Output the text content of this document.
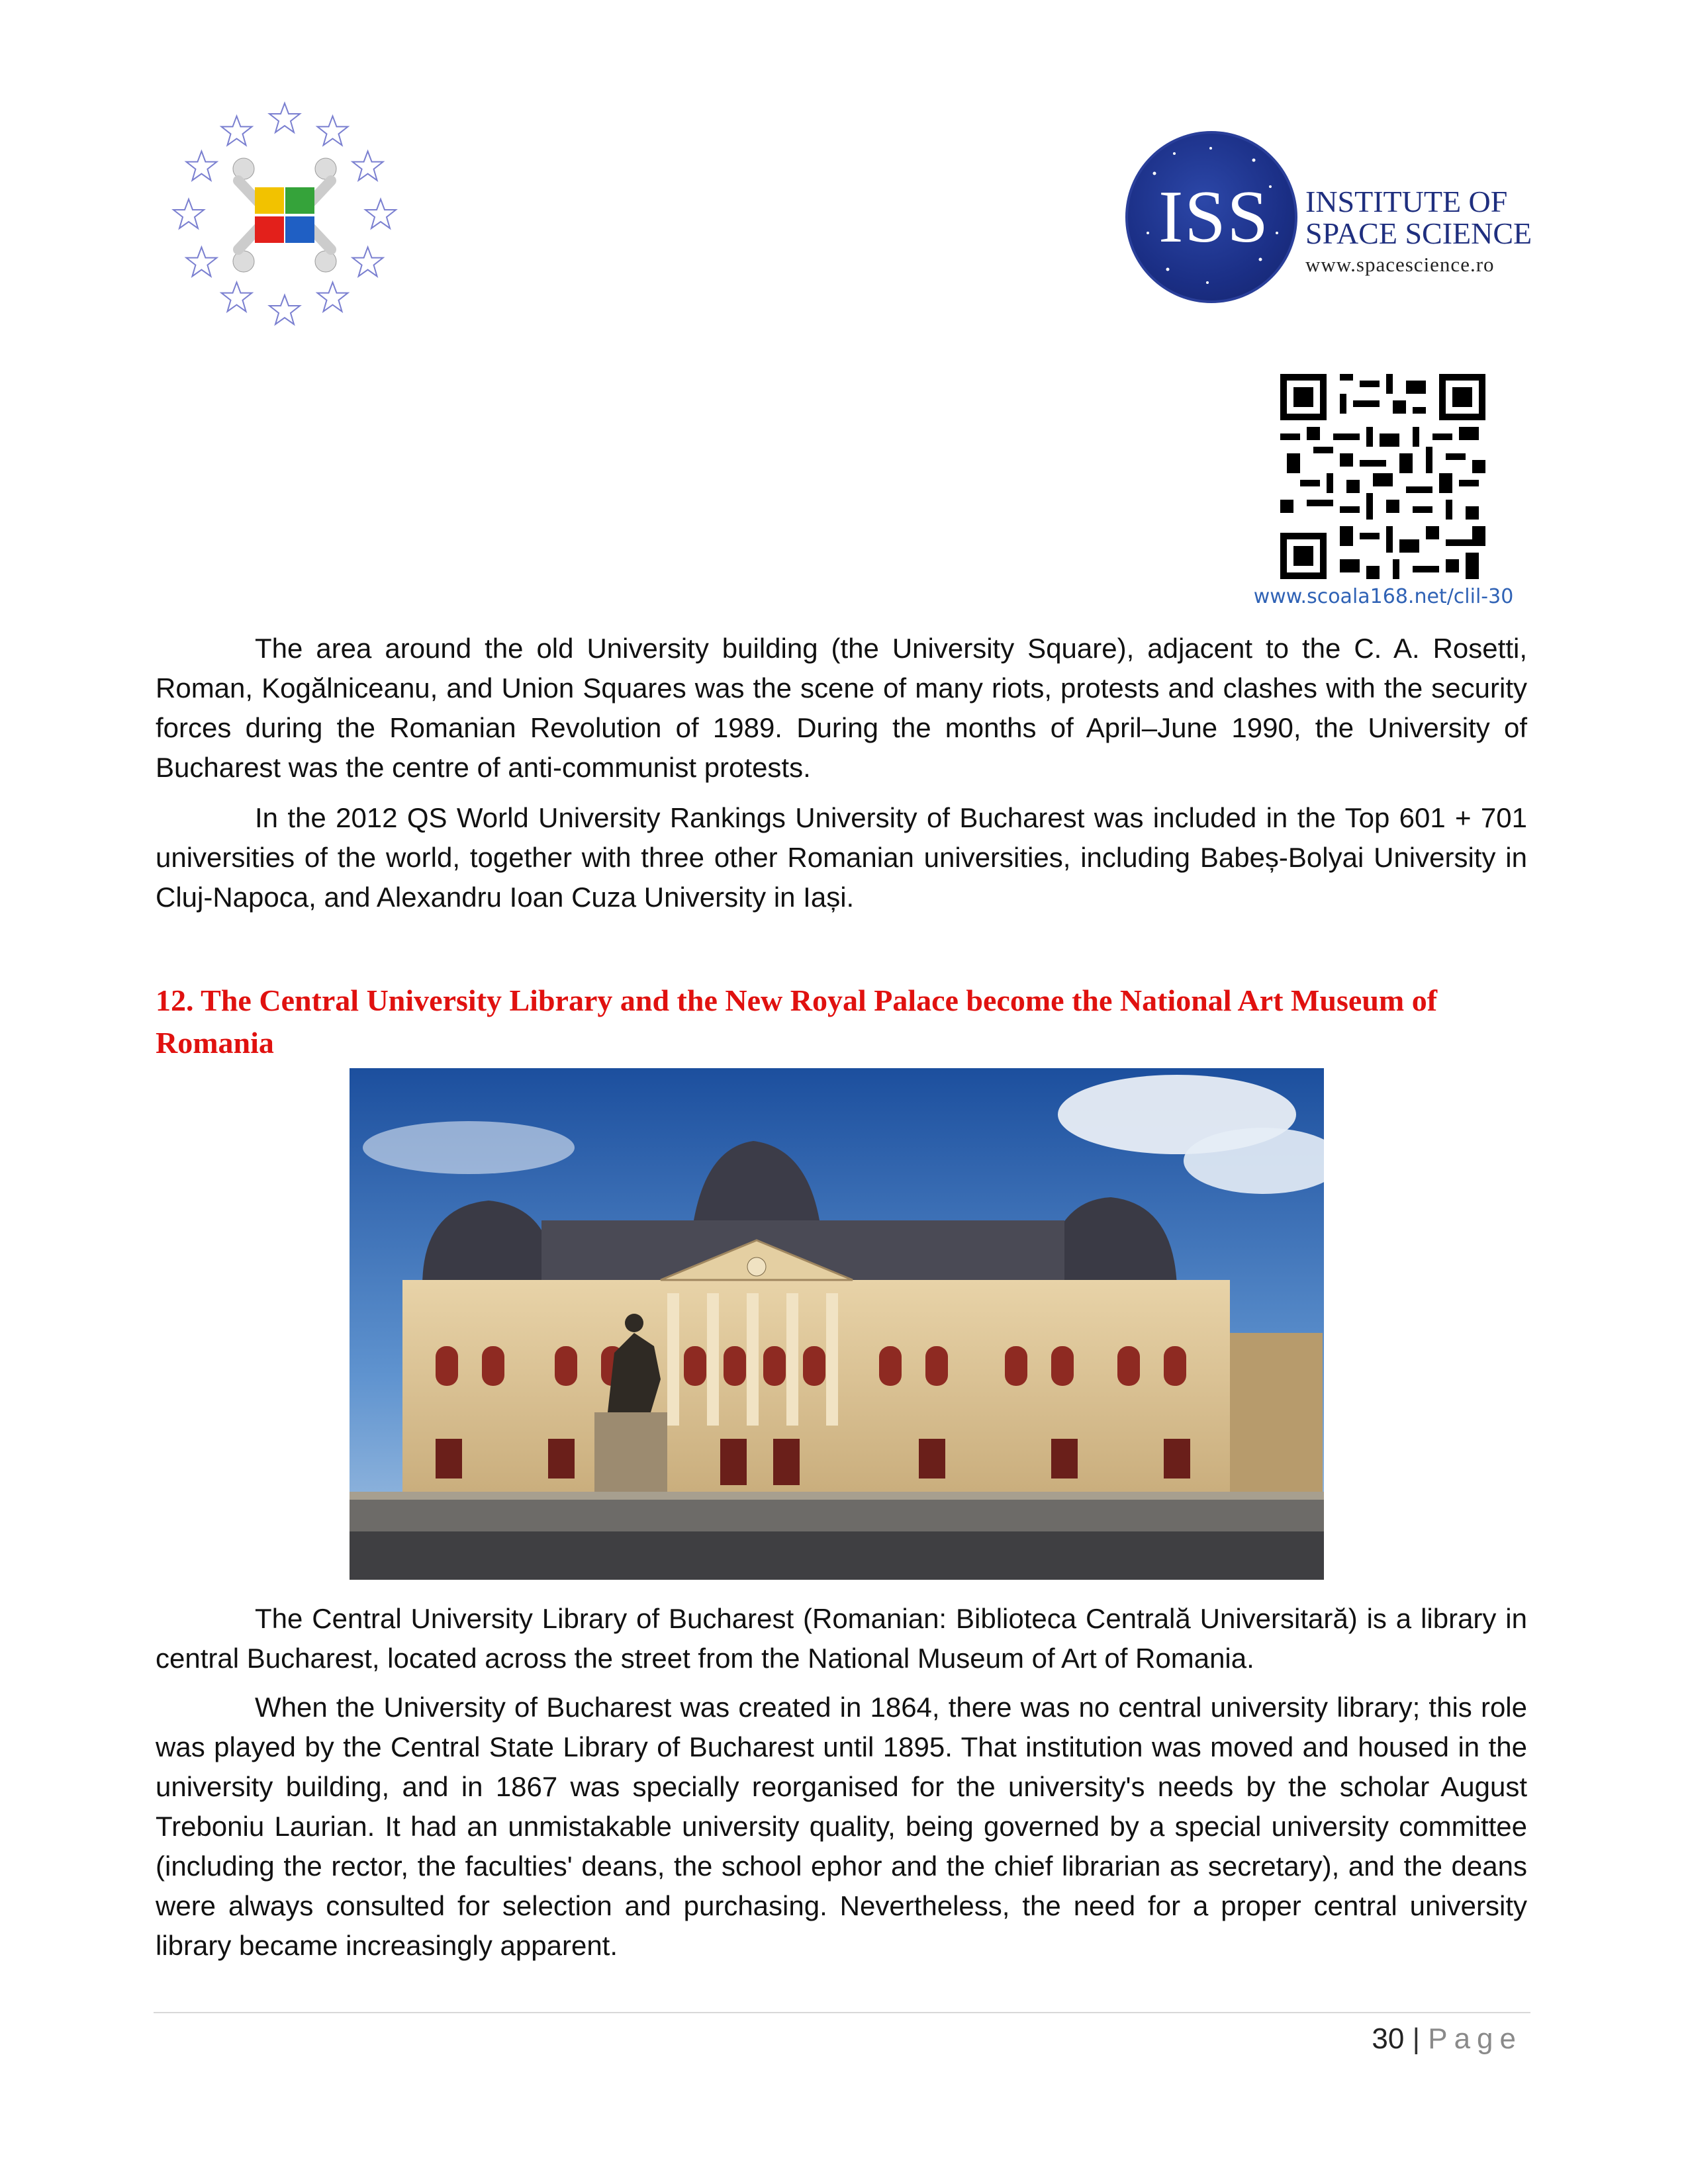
ISS	INSTITUTE OF
SPACE SCIENCE
www.spacescience.ro
www.scoala168.net/clil-30
The area around the old University building (the University Square), adjacent to the C. A. Rosetti, Roman, Kogălniceanu, and Union Squares was the scene of many riots, protests and clashes with the security forces during the Romanian Revolution of 1989. During the months of April–June 1990, the University of Bucharest was the centre of anti-communist protests.
In the 2012 QS World University Rankings University of Bucharest was included in the Top 601 + 701 universities of the world, together with three other Romanian universities, including Babeș-Bolyai University in Cluj-Napoca, and Alexandru Ioan Cuza University in Iași.
12. The Central University Library and the New Royal Palace become the National Art Museum of Romania
The Central University Library of Bucharest (Romanian: Biblioteca Centrală Universitară) is a library in central Bucharest, located across the street from the National Museum of Art of Romania.
When the University of Bucharest was created in 1864, there was no central university library; this role was played by the Central State Library of Bucharest until 1895. That institution was moved and housed in the university building, and in 1867 was specially reorganised for the university's needs by the scholar August Treboniu Laurian. It had an unmistakable university quality, being governed by a special university committee (including the rector, the faculties' deans, the school ephor and the chief librarian as secretary), and the deans were always consulted for selection and purchasing. Nevertheless, the need for a proper central university library became increasingly apparent.
30 | Page
